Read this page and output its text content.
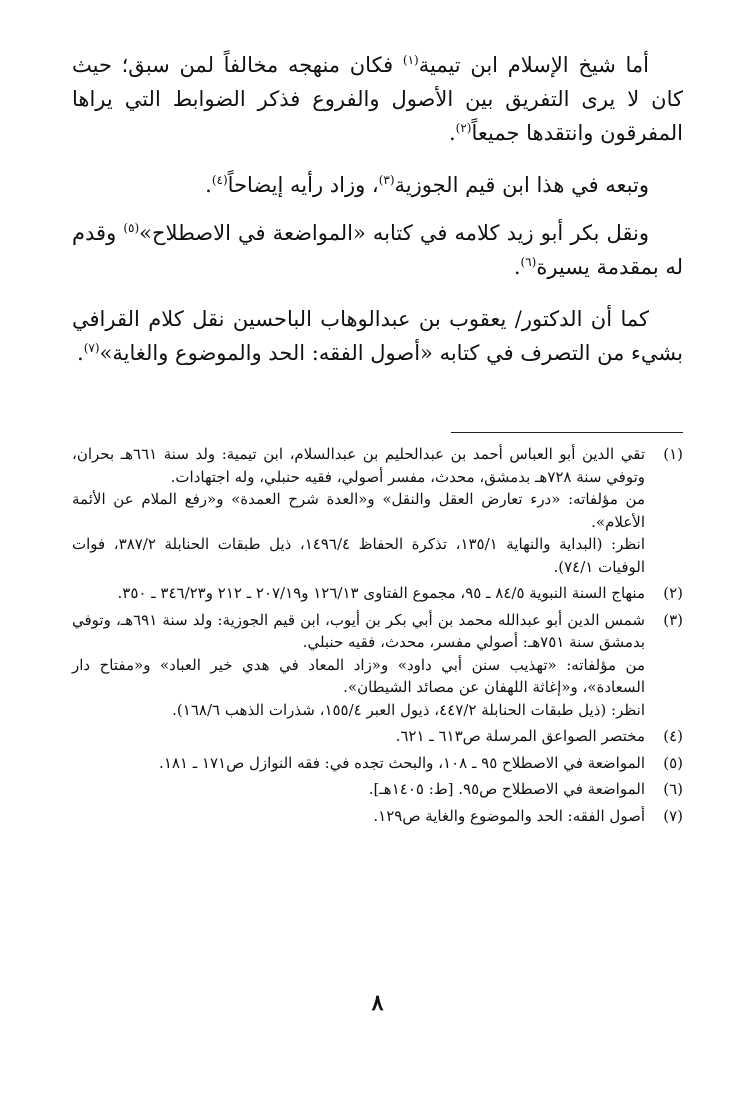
أما شيخ الإسلام ابن تيمية$^{(١)}$ فكان منهجه مخالفاً لمن سبق؛ حيث كان لا يرى التفريق بين الأصول والفروع فذكر الضوابط التي يراها المفرقون وانتقدها جميعاً$^{(٢)}$.

وتبعه في هذا ابن قيم الجوزية$^{(٣)}$، وزاد رأيه إيضاحاً$^{(٤)}$.

ونقل بكر أبو زيد كلامه في كتابه «المواضعة في الاصطلاح»$^{(٥)}$ وقدم له بمقدمة يسيرة$^{(٦)}$.

كما أن الدكتور/ يعقوب بن عبدالوهاب الباحسين نقل كلام القرافي بشيء من التصرف في كتابه «أصول الفقه: الحد والموضوع والغاية»$^{(٧)}$.

(١)
تقي الدين أبو العباس أحمد بن عبدالحليم بن عبدالسلام، ابن تيمية: ولد سنة ٦٦١هـ بحران، وتوفي سنة ٧٢٨هـ بدمشق، محدث، مفسر أصولي، فقيه حنبلي، وله اجتهادات.
من مؤلفاته: «درء تعارض العقل والنقل» و«العدة شرح العمدة» و«رفع الملام عن الأئمة الأعلام».
انظر: (البداية والنهاية ١٣٥/١، تذكرة الحفاظ ١٤٩٦/٤، ذيل طبقات الحنابلة ٣٨٧/٢، فوات الوفيات ٧٤/١).
(٢)
منهاج السنة النبوية ٨٤/٥ ـ ٩٥، مجموع الفتاوى ١٢٦/١٣ و٢٠٧/١٩ ـ ٢١٢ و٣٤٦/٢٣ ـ ٣٥٠.
(٣)
شمس الدين أبو عبدالله محمد بن أبي بكر بن أيوب، ابن قيم الجوزية: ولد سنة ٦٩١هـ، وتوفي بدمشق سنة ٧٥١هـ: أصولي مفسر، محدث، فقيه حنبلي.
من مؤلفاته: «تهذيب سنن أبي داود» و«زاد المعاد في هدي خير العباد» و«مفتاح دار السعادة»، و«إغاثة اللهفان عن مصائد الشيطان».
انظر: (ذيل طبقات الحنابلة ٤٤٧/٢، ذيول العبر ١٥٥/٤، شذرات الذهب ١٦٨/٦).
(٤)
مختصر الصواعق المرسلة ص٦١٣ ـ ٦٢١.
(٥)
المواضعة في الاصطلاح ٩٥ ـ ١٠٨، والبحث تجده في: فقه النوازل ص١٧١ ـ ١٨١.
(٦)
المواضعة في الاصطلاح ص٩٥. [ط: ١٤٠٥هـ].
(٧)
أصول الفقه: الحد والموضوع والغاية ص١٢٩.
٨
